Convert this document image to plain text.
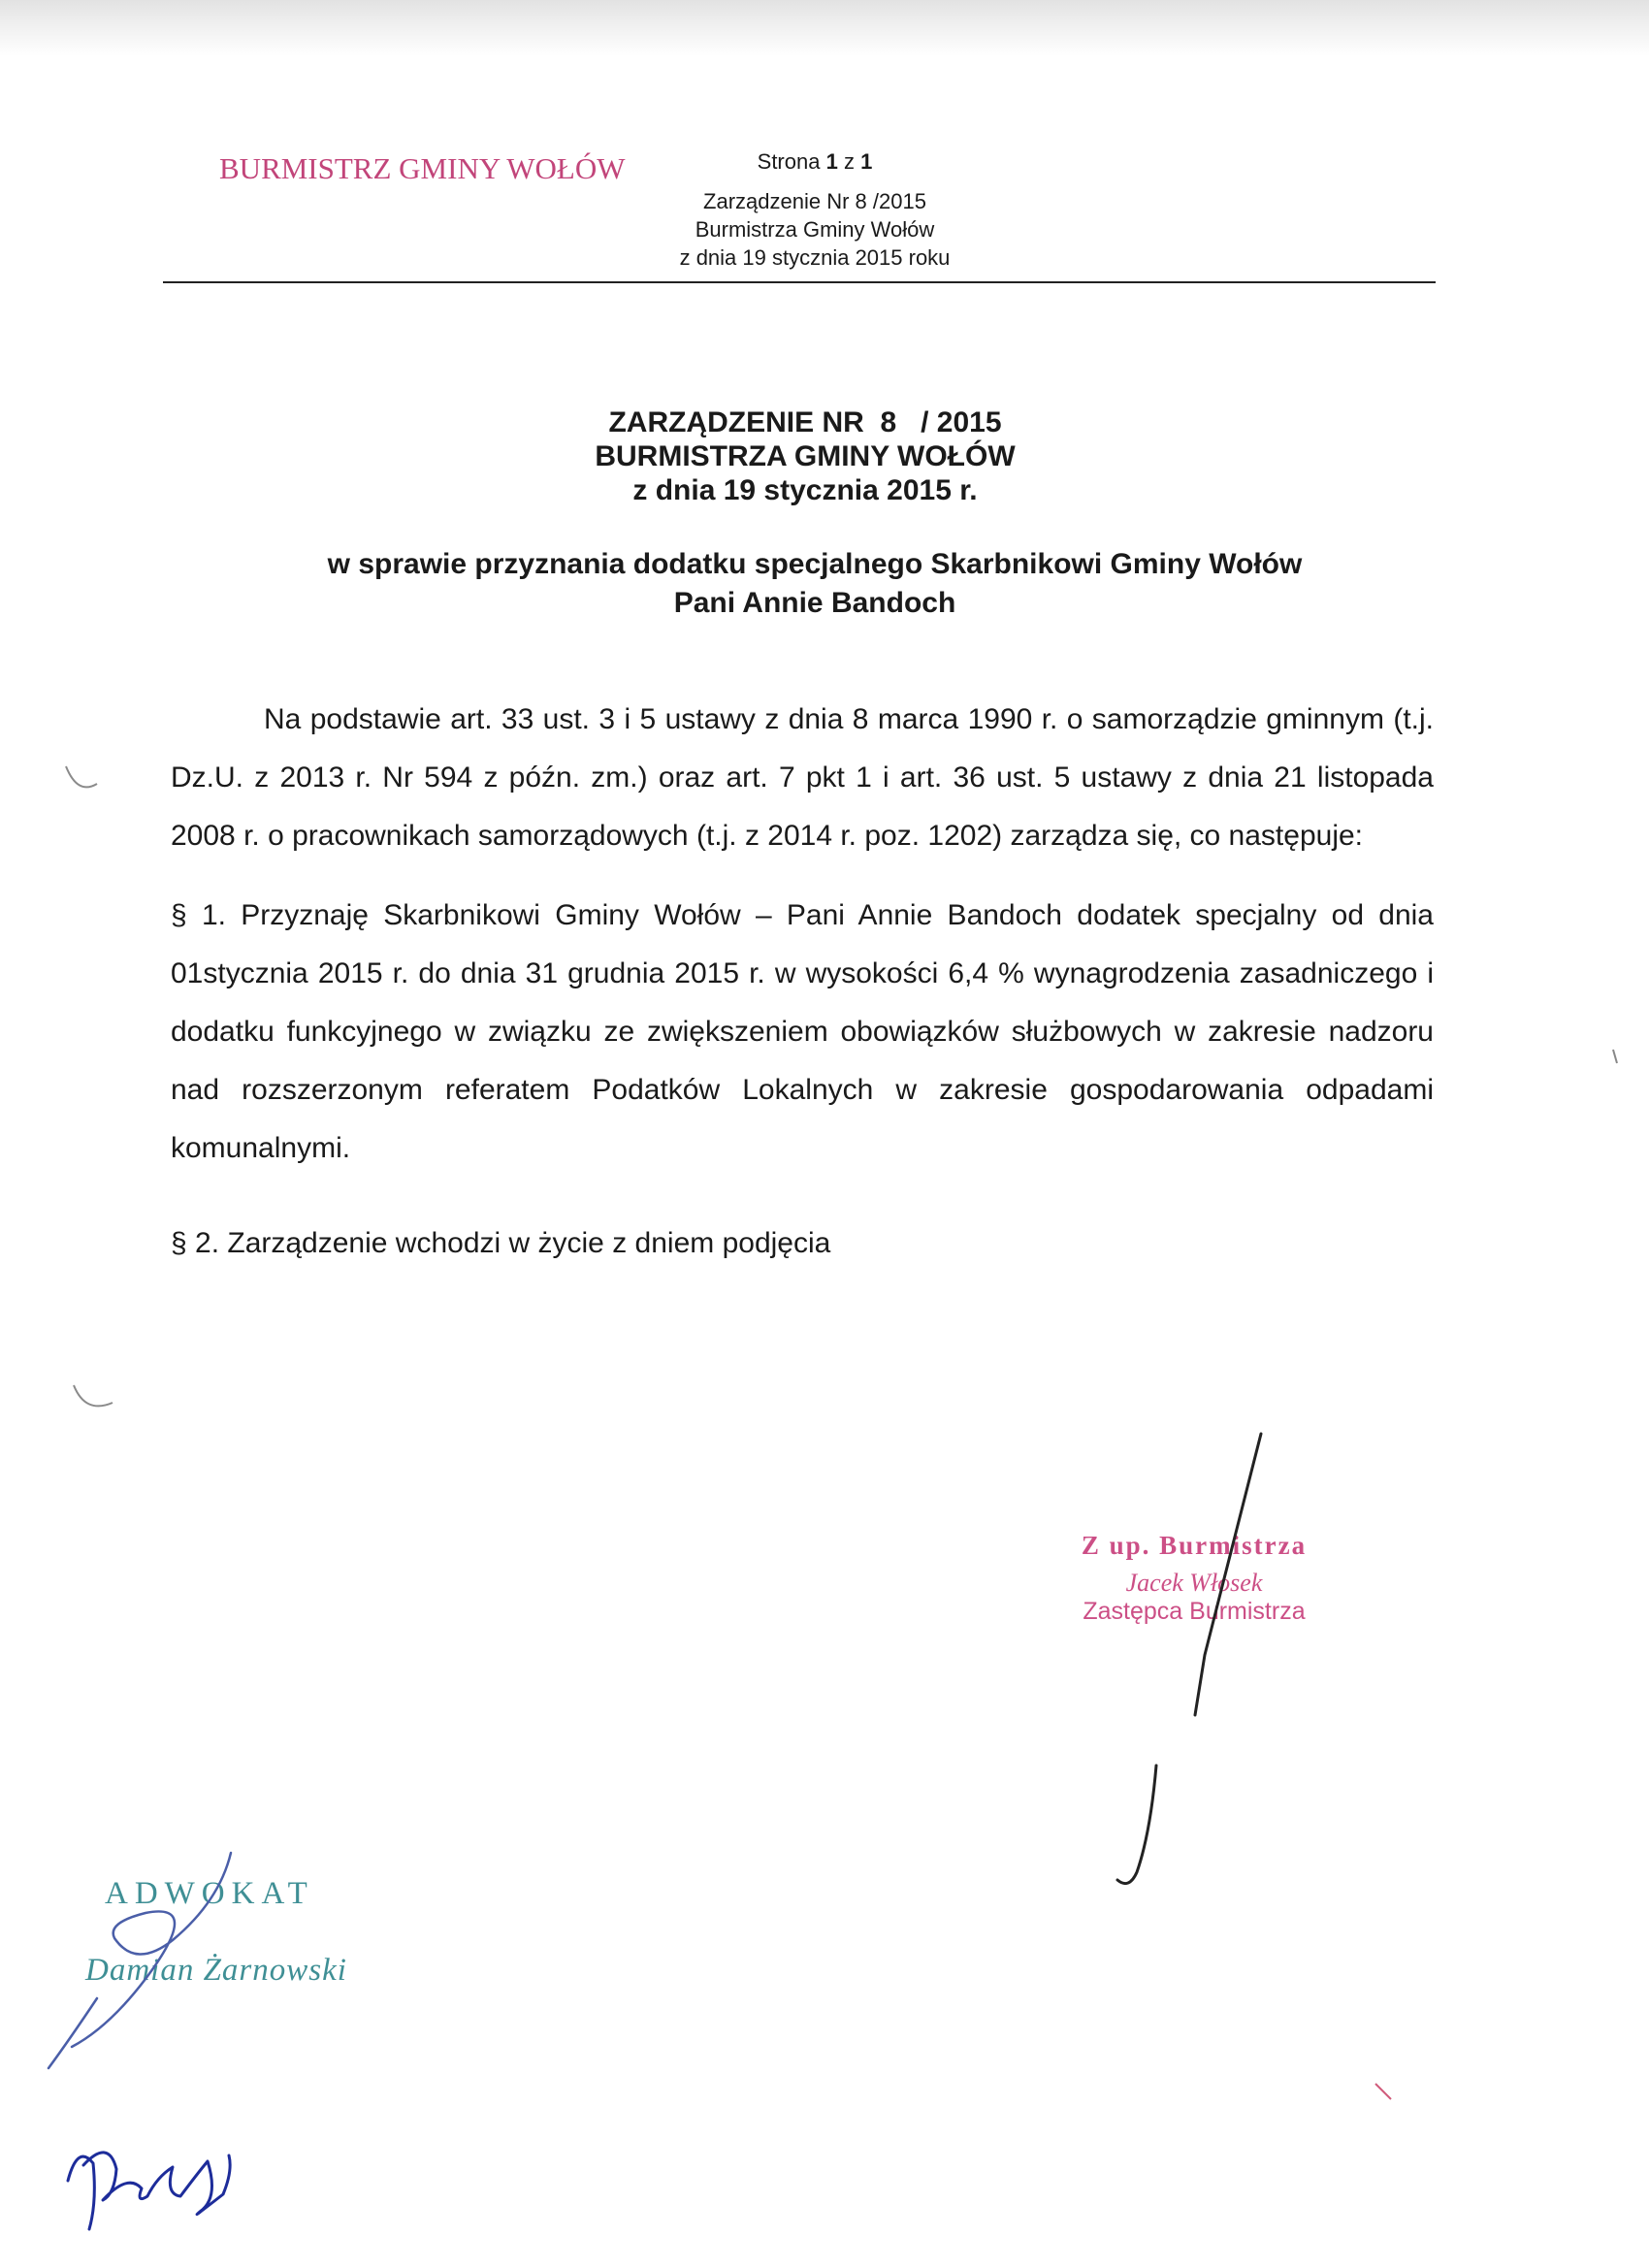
BURMISTRZ GMINY WOŁÓW	Strona 1 z 1
Zarządzenie Nr 8 /2015
Burmistrza Gminy Wołów
z dnia 19 stycznia 2015 roku
ZARZĄDZENIE NR  8   / 2015
BURMISTRZA GMINY WOŁÓW
z dnia 19 stycznia 2015 r.
w sprawie przyznania dodatku specjalnego Skarbnikowi Gminy Wołów
Pani Annie Bandoch

Na podstawie art. 33 ust. 3 i 5 ustawy z dnia 8 marca 1990 r. o samorządzie gminnym (t.j. Dz.U. z 2013 r. Nr 594 z późn. zm.) oraz art. 7 pkt 1 i art. 36 ust. 5 ustawy z dnia 21 listopada 2008 r. o pracownikach samorządowych (t.j. z 2014 r. poz. 1202) zarządza się, co następuje:

§ 1. Przyznaję Skarbnikowi Gminy Wołów – Pani Annie Bandoch dodatek specjalny od dnia 01stycznia 2015 r. do dnia 31 grudnia 2015 r. w wysokości 6,4 % wynagrodzenia zasadniczego i dodatku funkcyjnego w związku ze zwiększeniem obowiązków służbowych w zakresie nadzoru nad rozszerzonym referatem Podatków Lokalnych w zakresie gospodarowania odpadami komunalnymi.

§ 2. Zarządzenie wchodzi w życie z dniem podjęcia

Z up. Burmistrza
Jacek Włosek
Zastępca Burmistrza
ADWOKAT
Damian Żarnowski
